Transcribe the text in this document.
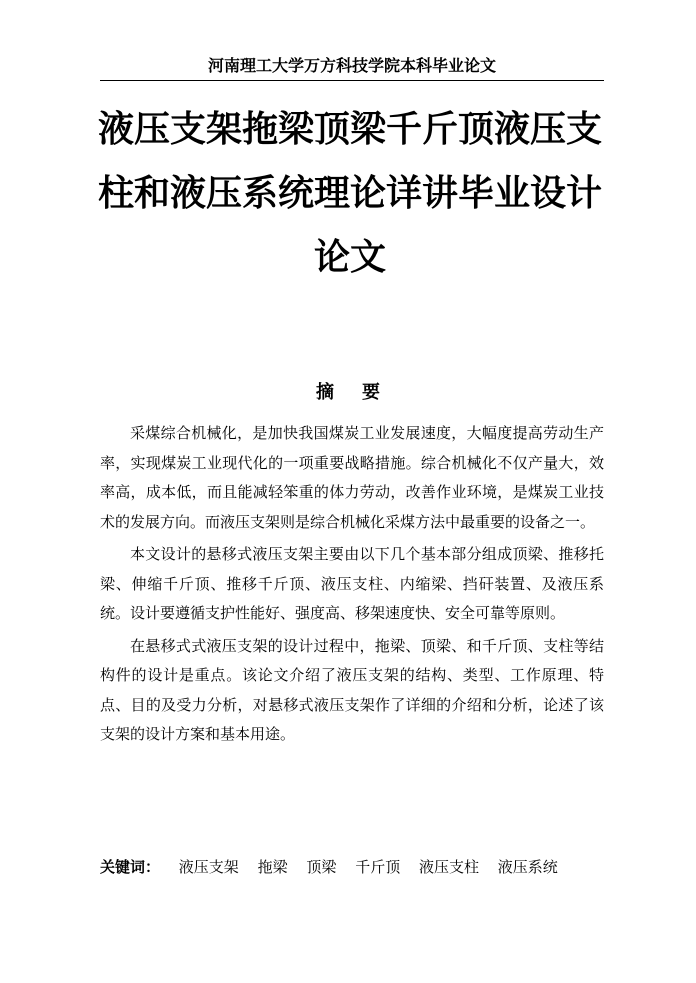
河南理工大学万方科技学院本科毕业论文
液压支架拖梁顶梁千斤顶液压支
柱和液压系统理论详讲毕业设计
论文
摘 要

采煤综合机械化，是加快我国煤炭工业发展速度，大幅度提高劳动生产率，实现煤炭工业现代化的一项重要战略措施。综合机械化不仅产量大，效率高，成本低，而且能减轻笨重的体力劳动，改善作业环境，是煤炭工业技术的发展方向。而液压支架则是综合机械化采煤方法中最重要的设备之一。

本文设计的悬移式液压支架主要由以下几个基本部分组成顶梁、推移托梁、伸缩千斤顶、推移千斤顶、液压支柱、内缩梁、挡矸装置、及液压系统。设计要遵循支护性能好、强度高、移架速度快、安全可靠等原则。

在悬移式式液压支架的设计过程中，拖梁、顶梁、和千斤顶、支柱等结构件的设计是重点。该论文介绍了液压支架的结构、类型、工作原理、特点、目的及受力分析，对悬移式液压支架作了详细的介绍和分析，论述了该支架的设计方案和基本用途。

关键词： 液压支架 拖梁 顶梁 千斤顶 液压支柱 液压系统
